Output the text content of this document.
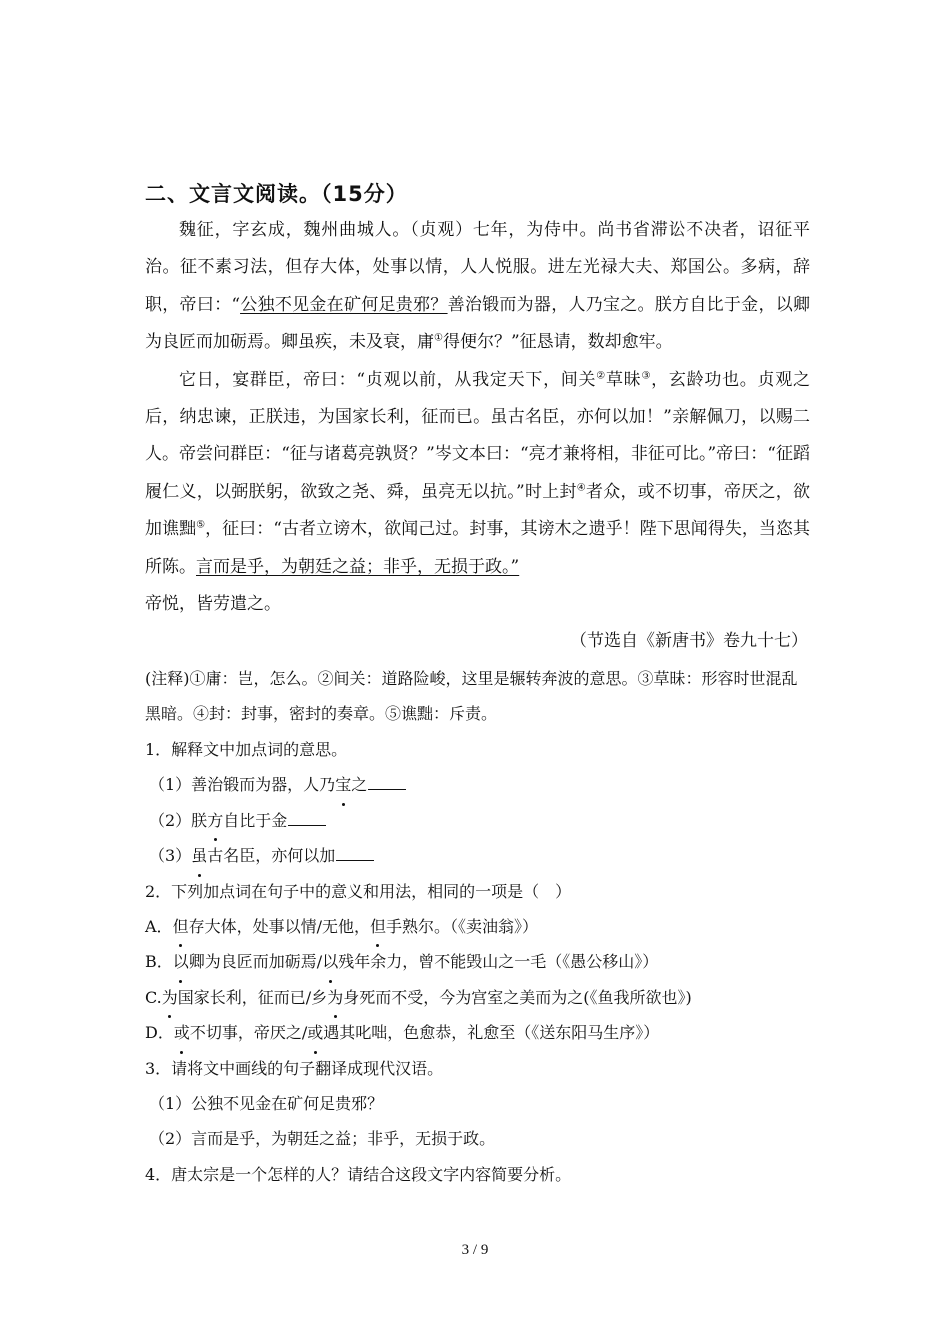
二、文言文阅读。（15分）

魏征，字玄成，魏州曲城人。（贞观）七年，为侍中。尚书省滞讼不决者，诏征平治。征不素习法，但存大体，处事以情，人人悦服。进左光禄大夫、郑国公。多病，辞职，帝曰：“公独不见金在矿何足贵邪？善治锻而为器，人乃宝之。朕方自比于金，以卿为良匠而加砺焉。卿虽疾，未及衰，庸①得便尔？”征恳请，数却愈牢。

它日，宴群臣，帝曰：“贞观以前，从我定天下，间关②草昧③，玄龄功也。贞观之后，纳忠谏，正朕违，为国家长利，征而已。虽古名臣，亦何以加！”亲解佩刀，以赐二人。帝尝问群臣：“征与诸葛亮孰贤？”岑文本曰：“亮才兼将相，非征可比。”帝曰：“征蹈履仁义，以弼朕躬，欲致之尧、舜，虽亮无以抗。”时上封④者众，或不切事，帝厌之，欲加谯黜⑤，征曰：“古者立谤木，欲闻己过。封事，其谤木之遗乎！陛下思闻得失，当恣其所陈。言而是乎，为朝廷之益；非乎，无损于政。”
帝悦，皆劳遣之。

（节选自《新唐书》卷九十七）

(注释)①庸：岂，怎么。②间关：道路险峻，这里是辗转奔波的意思。③草昧：形容时世混乱黑暗。④封：封事，密封的奏章。⑤谯黜：斥责。

1．解释文中加点词的意思。

（1）善治锻而为器，人乃宝之

（2）朕方自比于金

（3）虽古名臣，亦何以加

2．下列加点词在句子中的意义和用法，相同的一项是（　）

A．但存大体，处事以情/无他，但手熟尔。（《卖油翁》）

B．以卿为良匠而加砺焉/以残年余力，曾不能毁山之一毛（《愚公移山》）

C.为国家长利，征而已/乡为身死而不受，今为宫室之美而为之(《鱼我所欲也》)

D．或不切事，帝厌之/或遇其叱咄，色愈恭，礼愈至（《送东阳马生序》）

3．请将文中画线的句子翻译成现代汉语。

（1）公独不见金在矿何足贵邪？

（2）言而是乎，为朝廷之益；非乎，无损于政。

4．唐太宗是一个怎样的人？请结合这段文字内容简要分析。

3 / 9
